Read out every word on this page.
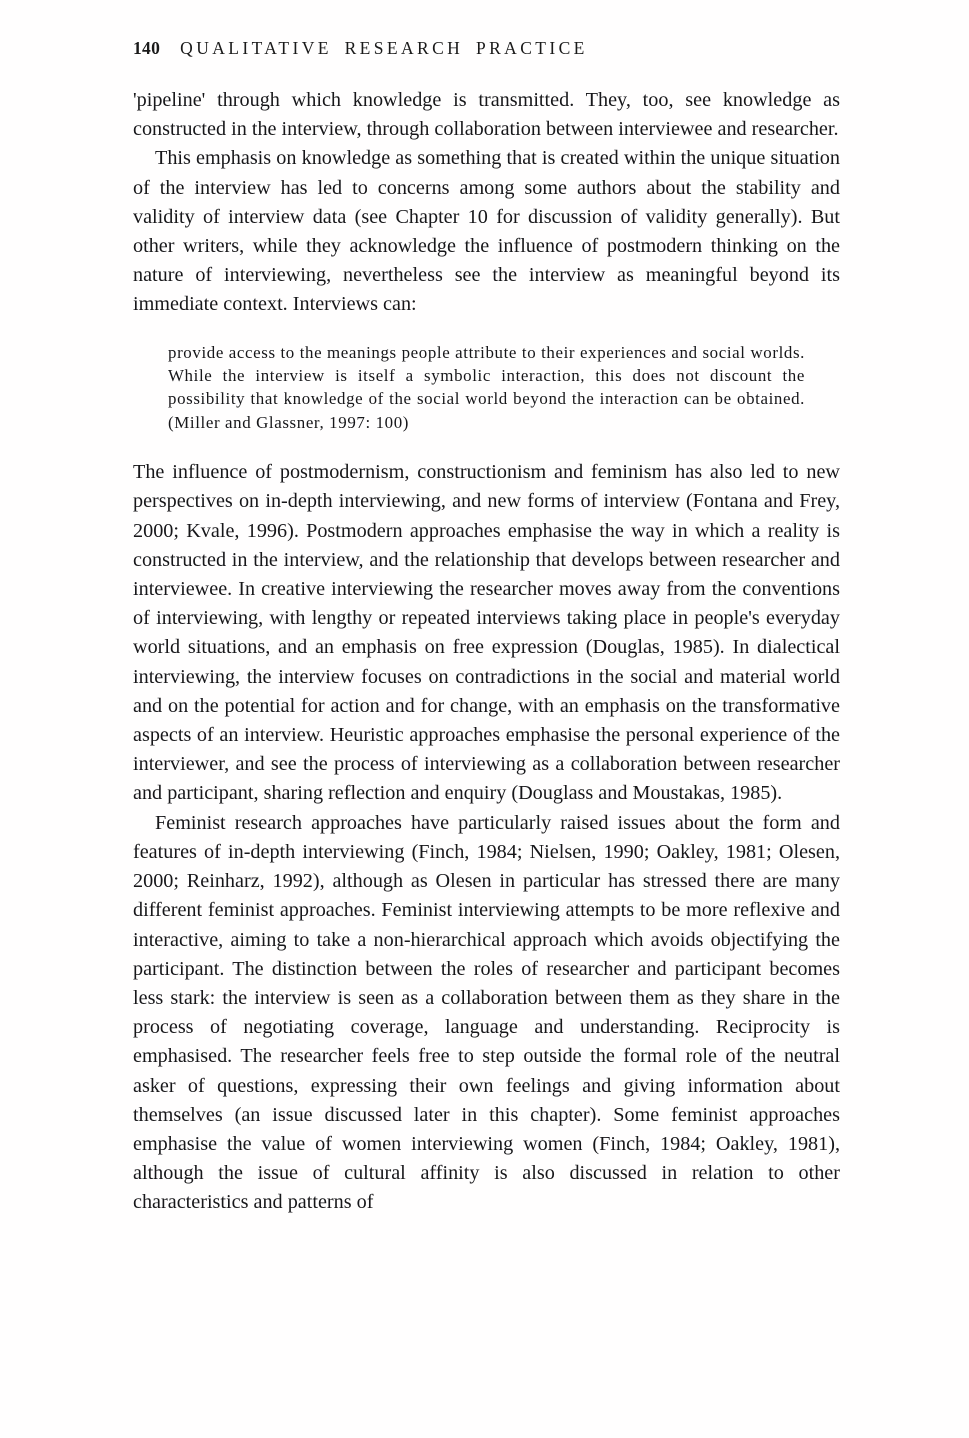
140 QUALITATIVE RESEARCH PRACTICE

'pipeline' through which knowledge is transmitted. They, too, see knowledge as constructed in the interview, through collaboration between interviewee and researcher.

This emphasis on knowledge as something that is created within the unique situation of the interview has led to concerns among some authors about the stability and validity of interview data (see Chapter 10 for discussion of validity generally). But other writers, while they acknowledge the influence of postmodern thinking on the nature of interviewing, nevertheless see the interview as meaningful beyond its immediate context. Interviews can:

provide access to the meanings people attribute to their experiences and social worlds. While the interview is itself a symbolic interaction, this does not discount the possibility that knowledge of the social world beyond the interaction can be obtained. (Miller and Glassner, 1997: 100)

The influence of postmodernism, constructionism and feminism has also led to new perspectives on in-depth interviewing, and new forms of interview (Fontana and Frey, 2000; Kvale, 1996). Postmodern approaches emphasise the way in which a reality is constructed in the interview, and the relationship that develops between researcher and interviewee. In creative interviewing the researcher moves away from the conventions of interviewing, with lengthy or repeated interviews taking place in people's everyday world situations, and an emphasis on free expression (Douglas, 1985). In dialectical interviewing, the interview focuses on contradictions in the social and material world and on the potential for action and for change, with an emphasis on the transformative aspects of an interview. Heuristic approaches emphasise the personal experience of the interviewer, and see the process of interviewing as a collaboration between researcher and participant, sharing reflection and enquiry (Douglass and Moustakas, 1985).

Feminist research approaches have particularly raised issues about the form and features of in-depth interviewing (Finch, 1984; Nielsen, 1990; Oakley, 1981; Olesen, 2000; Reinharz, 1992), although as Olesen in particular has stressed there are many different feminist approaches. Feminist interviewing attempts to be more reflexive and interactive, aiming to take a non-hierarchical approach which avoids objectifying the participant. The distinction between the roles of researcher and participant becomes less stark: the interview is seen as a collaboration between them as they share in the process of negotiating coverage, language and understanding. Reciprocity is emphasised. The researcher feels free to step outside the formal role of the neutral asker of questions, expressing their own feelings and giving information about themselves (an issue discussed later in this chapter). Some feminist approaches emphasise the value of women interviewing women (Finch, 1984; Oakley, 1981), although the issue of cultural affinity is also discussed in relation to other characteristics and patterns of
